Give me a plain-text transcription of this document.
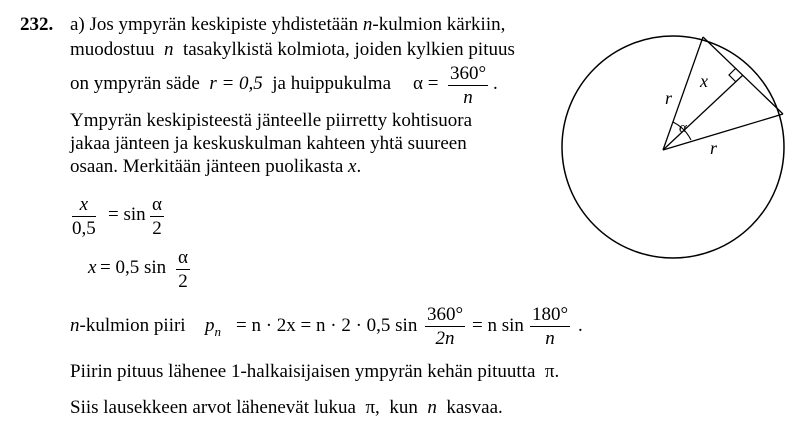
232. a) Jos ympyrän keskipiste yhdistetään n-kulmion kärkiin,
muodostuu n tasakylkistä kolmiota, joiden kylkien pituus
on ympyrän säde r = 0,5 ja huippukulma $\alpha = \frac{360^\circ}{n}$ .
Ympyrän keskipisteestä jänteelle piirretty kohtisuora
jakaa jänteen ja keskuskulman kahteen yhtä suureen
osaan. Merkitään jänteen puolikasta x.
$\frac{x}{0,5} = \sin \frac{\alpha}{2}$
x = 0,5 $\sin \frac{\alpha}{2}$
n-kulmion piiri $p_n = n \cdot 2x = n \cdot 2 \cdot 0,5$ $\sin \frac{360^\circ}{2n} = n$ $\sin \frac{180^\circ}{n}$ .
Piirin pituus lähenee 1-halkaisijaisen ympyrän kehän pituutta π.
Siis lausekkeen arvot lähenevät lukua π, kun n kasvaa.
r
x
α
r
